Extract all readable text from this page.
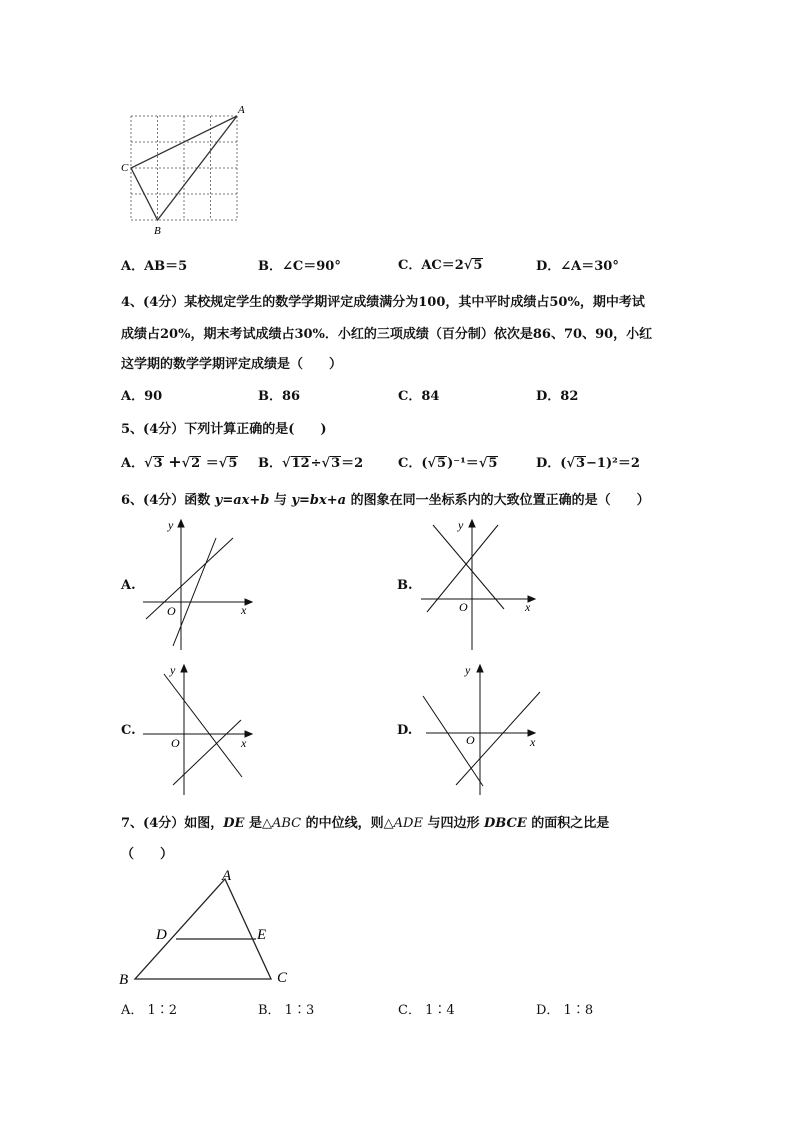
A
C
B
A．AB＝5	B．∠C＝90°	C．AC＝2√5	D．∠A＝30°
4、(4分）某校规定学生的数学学期评定成绩满分为100，其中平时成绩占50%，期中考试
成绩占20%，期末考试成绩占30%．小红的三项成绩（百分制）依次是86、70、90，小红
这学期的数学学期评定成绩是（　　）
A．90	B．86	C．84	D．82
5、(4分）下列计算正确的是(　　)
A．√3 +√2 ＝√5 B．√12÷√3＝2	C．(√5)⁻¹＝√5	D．(√3−1)²＝2
6、(4分）函数 y=ax+b 与 y=bx+a 的图象在同一坐标系内的大致位置正确的是（　　）
A.
y
x
O
B.
y
x
O
C.
y
x
O
D.
y
x
O
7、(4分）如图，DE 是△ABC 的中位线，则△ADE 与四边形 DBCE 的面积之比是
（　　）
A
D	E
B	C
A． 1∶2	B． 1∶3	C． 1∶4	D． 1∶8
